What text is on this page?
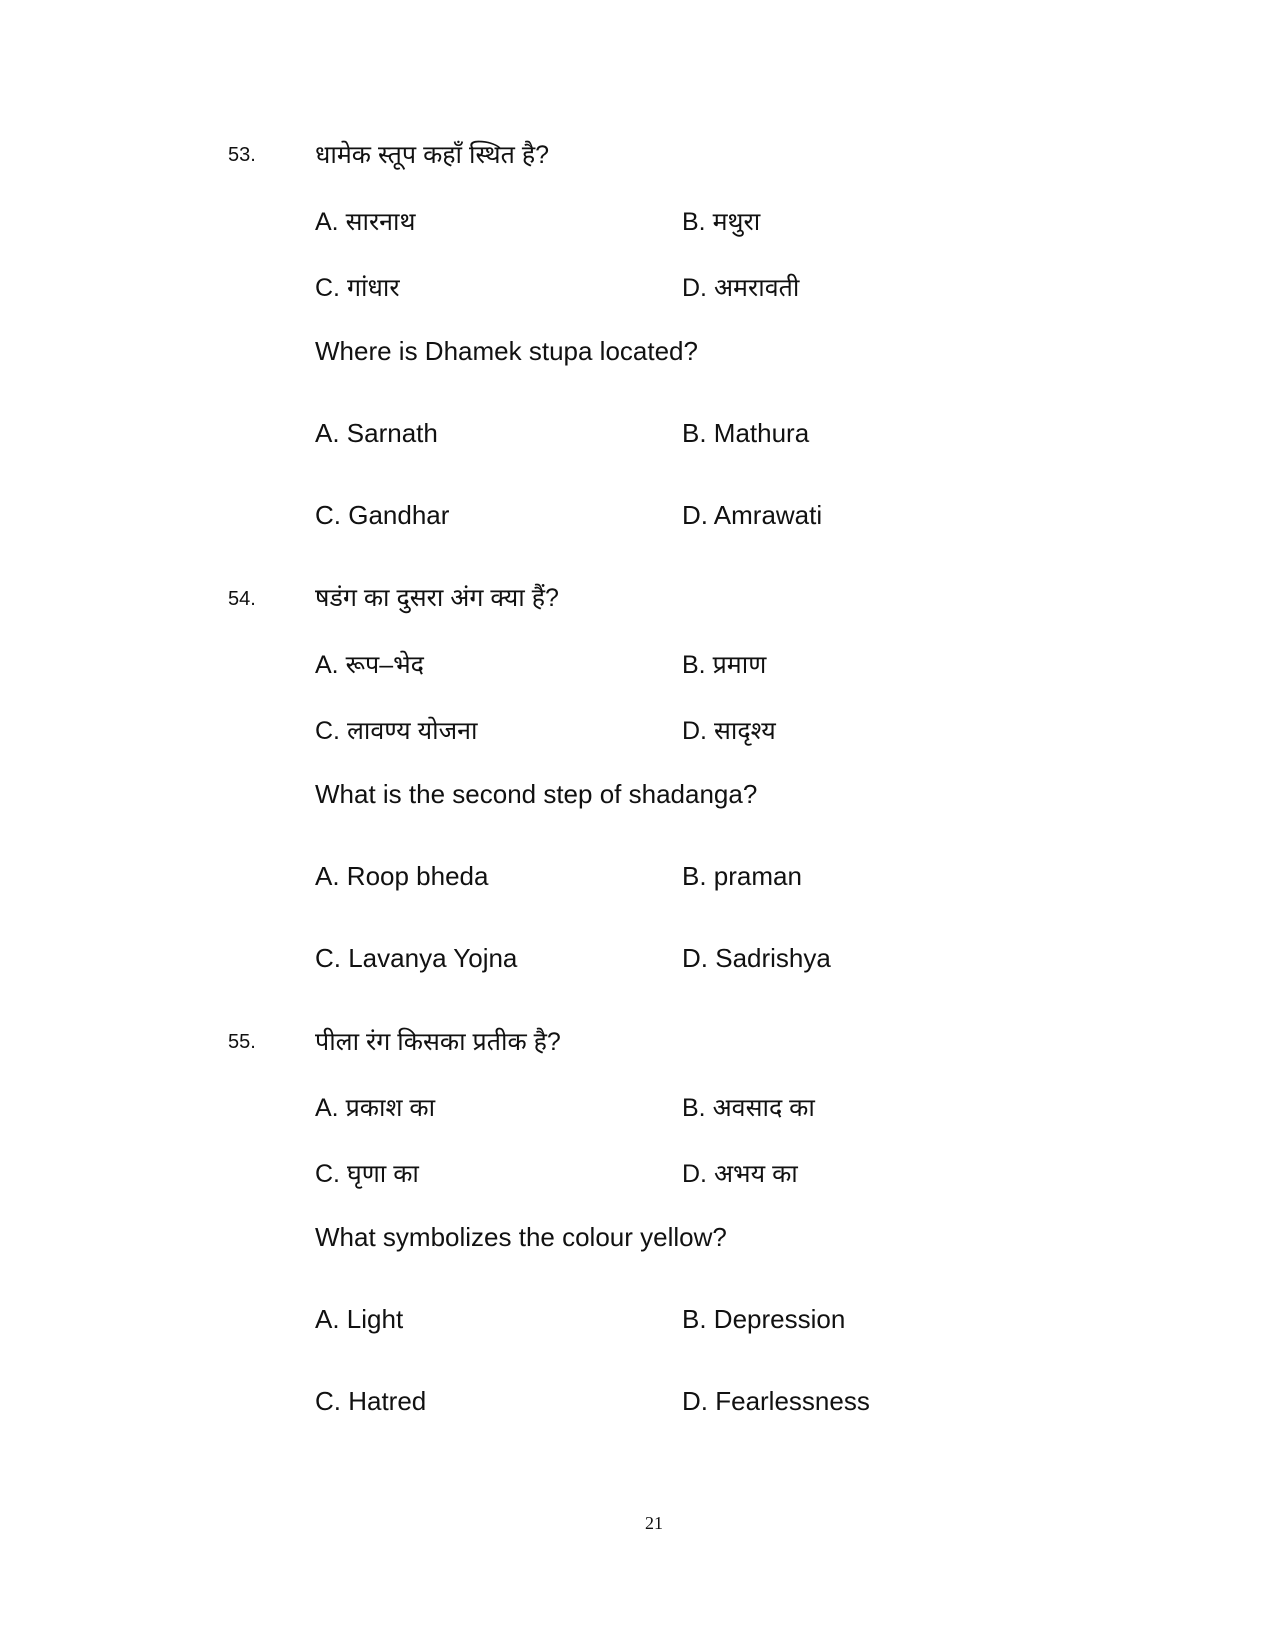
53. धामेक स्तूप कहाँ स्थित है?
A. सारनाथ	B. मथुरा
C. गांधार	D. अमरावती
Where is Dhamek stupa located?
A. Sarnath	B. Mathura
C. Gandhar	D. Amrawati
54. षडंग का दुसरा अंग क्या हैं?
A. रूप–भेद	B. प्रमाण
C. लावण्य योजना	D. सादृश्य
What is the second step of shadanga?
A. Roop bheda	B. praman
C. Lavanya Yojna	D. Sadrishya
55. पीला रंग किसका प्रतीक है?
A. प्रकाश का	B. अवसाद का
C. घृणा का	D. अभय का
What symbolizes the colour yellow?
A. Light	B. Depression
C. Hatred	D. Fearlessness
21
